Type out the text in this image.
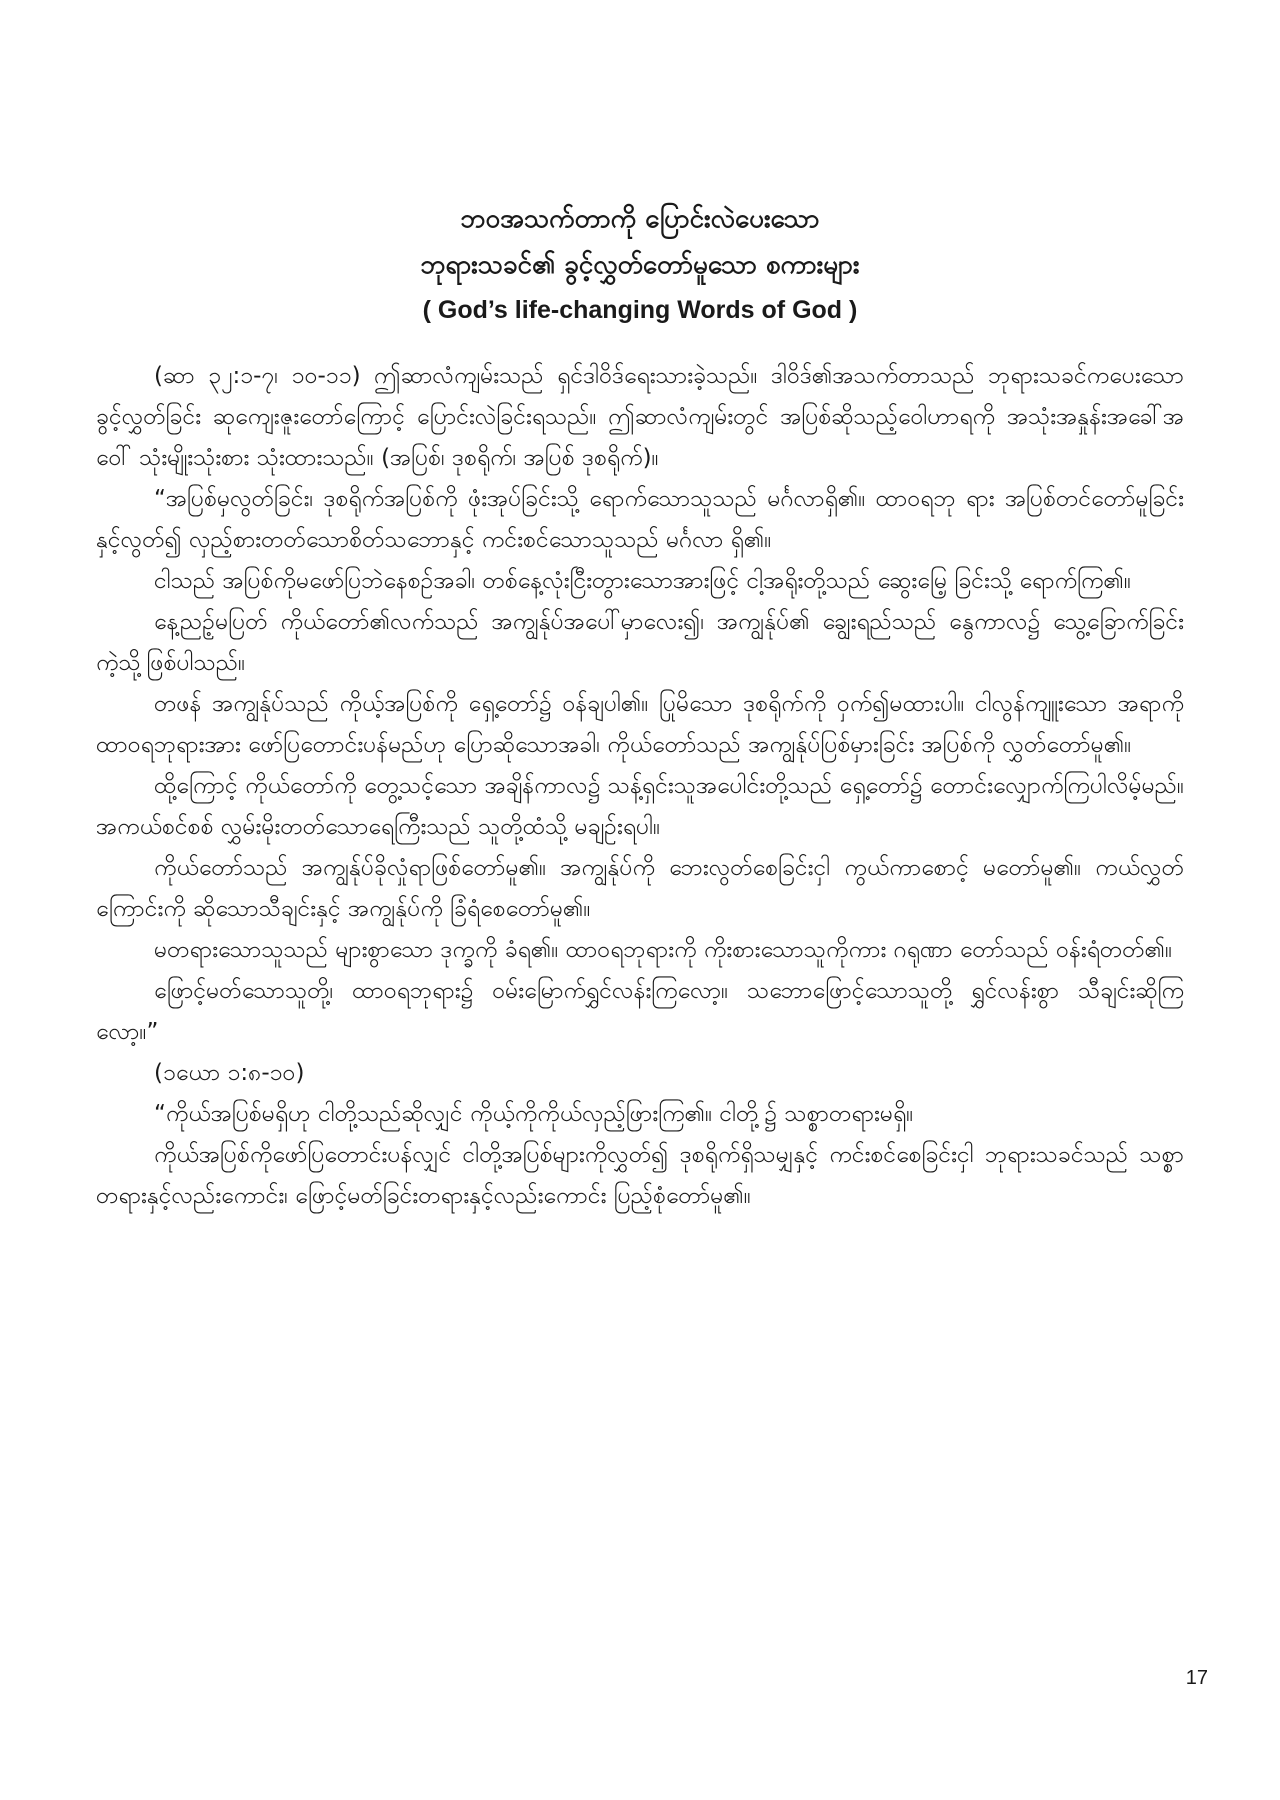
ဘဝအသက်တာကို ပြောင်းလဲပေးသော

ဘုရားသခင်၏ ခွင့်လွှတ်တော်မူသော စကားများ

( God’s life-changing Words of God )

(ဆာ ၃၂:၁-၇၊ ၁၀-၁၁) ဤဆာလံကျမ်းသည် ရှင်ဒါဝိဒ်ရေးသားခဲ့သည်။ ဒါဝိဒ်၏အသက်တာသည် ဘုရားသခင်ကပေးသောခွင့်လွှတ်ခြင်း ဆုကျေးဇူးတော်ကြောင့် ပြောင်းလဲခြင်းရသည်။ ဤဆာလံကျမ်းတွင် အပြစ်ဆိုသည့်ဝေါဟာရကို အသုံးအနှုန်းအခေါ်အဝေါ် သုံးမျိုးသုံးစား သုံးထားသည်။ (အပြစ်၊ ဒုစရိုက်၊ အပြစ် ဒုစရိုက်)။

“အပြစ်မှလွတ်ခြင်း၊ ဒုစရိုက်အပြစ်ကို ဖုံးအုပ်ခြင်းသို့ ရောက်သောသူသည် မင်္ဂလာရှိ၏။ ထာဝရဘု ရား အပြစ်တင်တော်မူခြင်းနှင့်လွတ်၍ လှည့်စားတတ်သောစိတ်သဘောနှင့် ကင်းစင်သောသူသည် မင်္ဂလာ ရှိ၏။

ငါသည် အပြစ်ကိုမဖော်ပြဘဲနေစဉ်အခါ၊ တစ်နေ့လုံးငြီးတွားသောအားဖြင့် ငါ့အရိုးတို့သည် ဆွေးမြေ့ ခြင်းသို့ ရောက်ကြ၏။

နေ့ညဉ့်မပြတ် ကိုယ်တော်၏လက်သည် အကျွန်ုပ်အပေါ်မှာလေး၍၊ အကျွန်ုပ်၏ ချွေးရည်သည် နွေကာလ၌ သွေ့ခြောက်ခြင်းကဲ့သို့ဖြစ်ပါသည်။

တဖန် အကျွန်ုပ်သည် ကိုယ့်အပြစ်ကို ရှေ့တော်၌ ဝန်ချပါ၏။ ပြုမိသော ဒုစရိုက်ကို ဝှက်၍မထားပါ။ ငါလွန်ကျူးသော အရာကို ထာဝရဘုရားအား ဖော်ပြတောင်းပန်မည်ဟု ပြောဆိုသောအခါ၊ ကိုယ်တော်သည် အကျွန်ုပ်ပြစ်မှားခြင်း အပြစ်ကို လွှတ်တော်မူ၏။

ထို့ကြောင့် ကိုယ်တော်ကို တွေ့သင့်သော အချိန်ကာလ၌ သန့်ရှင်းသူအပေါင်းတို့သည် ရှေ့တော်၌ တောင်းလျှောက်ကြပါလိမ့်မည်။ အကယ်စင်စစ် လွှမ်းမိုးတတ်သောရေကြီးသည် သူတို့ထံသို့ မချဉ်းရပါ။

ကိုယ်တော်သည် အကျွန်ုပ်ခိုလှုံရာဖြစ်တော်မူ၏။ အကျွန်ုပ်ကို ဘေးလွတ်စေခြင်းငှါ ကွယ်ကာစောင့် မတော်မူ၏။ ကယ်လွှတ်ကြောင်းကို ဆိုသောသီချင်းနှင့် အကျွန်ုပ်ကို ခြံရံစေတော်မူ၏။

မတရားသောသူသည် များစွာသော ဒုက္ခကို ခံရ၏။ ထာဝရဘုရားကို ကိုးစားသောသူကိုကား ဂရုဏာ တော်သည် ဝန်းရံတတ်၏။

ဖြောင့်မတ်သောသူတို့၊ ထာဝရဘုရား၌ ဝမ်းမြောက်ရွှင်လန်းကြလော့။ သဘောဖြောင့်သောသူတို့ ရွှင်လန်းစွာ သီချင်းဆိုကြလော့။”

(၁ယော ၁:၈-၁၀)

“ကိုယ်အပြစ်မရှိဟု ငါတို့သည်ဆိုလျှင် ကိုယ့်ကိုကိုယ်လှည့်ဖြားကြ၏။ ငါတို့၌ သစ္စာတရားမရှိ။

ကိုယ်အပြစ်ကိုဖော်ပြတောင်းပန်လျှင် ငါတို့အပြစ်များကိုလွှတ်၍ ဒုစရိုက်ရှိသမျှနှင့် ကင်းစင်စေခြင်းငှါ ဘုရားသခင်သည် သစ္စာတရားနှင့်လည်းကောင်း၊ ဖြောင့်မတ်ခြင်းတရားနှင့်လည်းကောင်း ပြည့်စုံတော်မူ၏။

17
